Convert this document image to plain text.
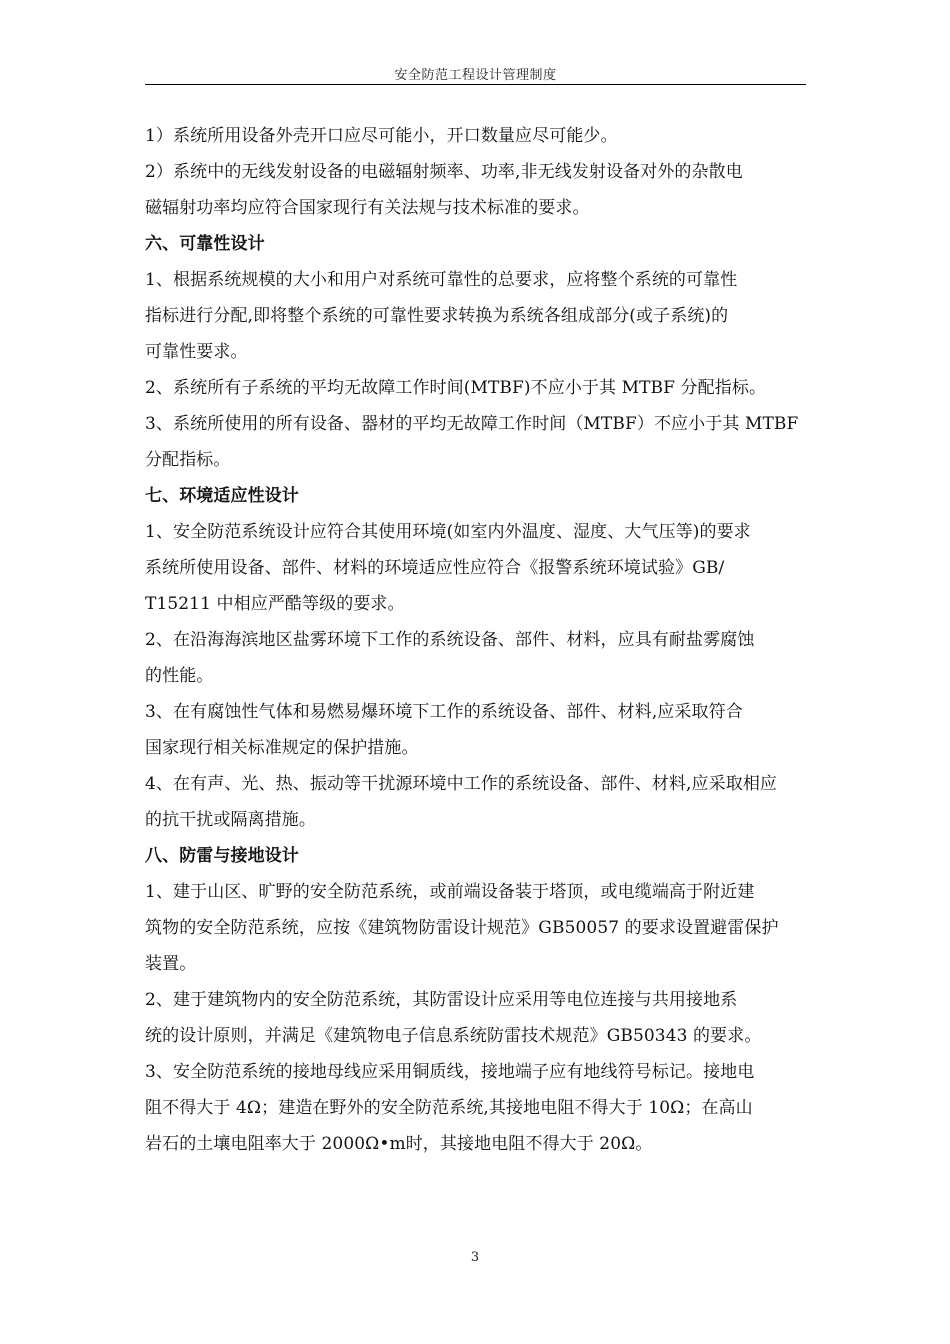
安全防范工程设计管理制度
1）系统所用设备外壳开口应尽可能小，开口数量应尽可能少。
2）系统中的无线发射设备的电磁辐射频率、功率,非无线发射设备对外的杂散电
磁辐射功率均应符合国家现行有关法规与技术标准的要求。
六、可靠性设计
1、根据系统规模的大小和用户对系统可靠性的总要求，应将整个系统的可靠性
指标进行分配,即将整个系统的可靠性要求转换为系统各组成部分(或子系统)的
可靠性要求。
2、系统所有子系统的平均无故障工作时间(MTBF)不应小于其 MTBF 分配指标。
3、系统所使用的所有设备、器材的平均无故障工作时间（MTBF）不应小于其 MTBF
分配指标。
七、环境适应性设计
1、安全防范系统设计应符合其使用环境(如室内外温度、湿度、大气压等)的要求
系统所使用设备、部件、材料的环境适应性应符合《报警系统环境试验》GB/
T15211 中相应严酷等级的要求。
2、在沿海海滨地区盐雾环境下工作的系统设备、部件、材料，应具有耐盐雾腐蚀
的性能。
3、在有腐蚀性气体和易燃易爆环境下工作的系统设备、部件、材料,应采取符合
国家现行相关标准规定的保护措施。
4、在有声、光、热、振动等干扰源环境中工作的系统设备、部件、材料,应采取相应
的抗干扰或隔离措施。
八、防雷与接地设计
1、建于山区、旷野的安全防范系统，或前端设备装于塔顶，或电缆端高于附近建
筑物的安全防范系统，应按《建筑物防雷设计规范》GB50057 的要求设置避雷保护
装置。
2、建于建筑物内的安全防范系统，其防雷设计应采用等电位连接与共用接地系
统的设计原则，并满足《建筑物电子信息系统防雷技术规范》GB50343 的要求。
3、安全防范系统的接地母线应采用铜质线，接地端子应有地线符号标记。接地电
阻不得大于 4Ω；建造在野外的安全防范系统,其接地电阻不得大于 10Ω；在高山
岩石的土壤电阻率大于 2000Ω•m时，其接地电阻不得大于 20Ω。
3
